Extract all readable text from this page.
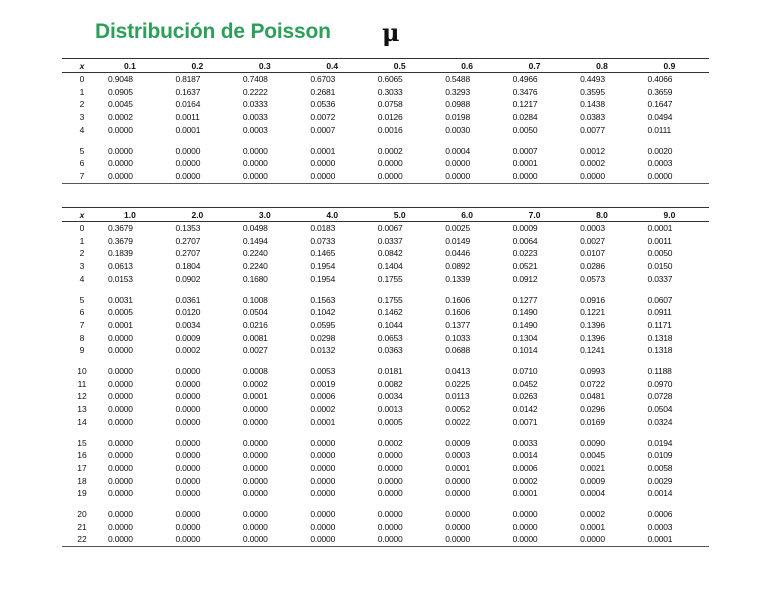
Distribución de Poisson μ
x	0.1	0.2	0.3	0.4	0.5	0.6	0.7	0.8	0.9
0	0.9048	0.8187	0.7408	0.6703	0.6065	0.5488	0.4966	0.4493	0.4066
1	0.0905	0.1637	0.2222	0.2681	0.3033	0.3293	0.3476	0.3595	0.3659
2	0.0045	0.0164	0.0333	0.0536	0.0758	0.0988	0.1217	0.1438	0.1647
3	0.0002	0.0011	0.0033	0.0072	0.0126	0.0198	0.0284	0.0383	0.0494
4	0.0000	0.0001	0.0003	0.0007	0.0016	0.0030	0.0050	0.0077	0.0111

5	0.0000	0.0000	0.0000	0.0001	0.0002	0.0004	0.0007	0.0012	0.0020
6	0.0000	0.0000	0.0000	0.0000	0.0000	0.0000	0.0001	0.0002	0.0003
7	0.0000	0.0000	0.0000	0.0000	0.0000	0.0000	0.0000	0.0000	0.0000
x	1.0	2.0	3.0	4.0	5.0	6.0	7.0	8.0	9.0
0	0.3679	0.1353	0.0498	0.0183	0.0067	0.0025	0.0009	0.0003	0.0001
1	0.3679	0.2707	0.1494	0.0733	0.0337	0.0149	0.0064	0.0027	0.0011
2	0.1839	0.2707	0.2240	0.1465	0.0842	0.0446	0.0223	0.0107	0.0050
3	0.0613	0.1804	0.2240	0.1954	0.1404	0.0892	0.0521	0.0286	0.0150
4	0.0153	0.0902	0.1680	0.1954	0.1755	0.1339	0.0912	0.0573	0.0337

5	0.0031	0.0361	0.1008	0.1563	0.1755	0.1606	0.1277	0.0916	0.0607
6	0.0005	0.0120	0.0504	0.1042	0.1462	0.1606	0.1490	0.1221	0.0911
7	0.0001	0.0034	0.0216	0.0595	0.1044	0.1377	0.1490	0.1396	0.1171
8	0.0000	0.0009	0.0081	0.0298	0.0653	0.1033	0.1304	0.1396	0.1318
9	0.0000	0.0002	0.0027	0.0132	0.0363	0.0688	0.1014	0.1241	0.1318

10	0.0000	0.0000	0.0008	0.0053	0.0181	0.0413	0.0710	0.0993	0.1188
11	0.0000	0.0000	0.0002	0.0019	0.0082	0.0225	0.0452	0.0722	0.0970
12	0.0000	0.0000	0.0001	0.0006	0.0034	0.0113	0.0263	0.0481	0.0728
13	0.0000	0.0000	0.0000	0.0002	0.0013	0.0052	0.0142	0.0296	0.0504
14	0.0000	0.0000	0.0000	0.0001	0.0005	0.0022	0.0071	0.0169	0.0324

15	0.0000	0.0000	0.0000	0.0000	0.0002	0.0009	0.0033	0.0090	0.0194
16	0.0000	0.0000	0.0000	0.0000	0.0000	0.0003	0.0014	0.0045	0.0109
17	0.0000	0.0000	0.0000	0.0000	0.0000	0.0001	0.0006	0.0021	0.0058
18	0.0000	0.0000	0.0000	0.0000	0.0000	0.0000	0.0002	0.0009	0.0029
19	0.0000	0.0000	0.0000	0.0000	0.0000	0.0000	0.0001	0.0004	0.0014

20	0.0000	0.0000	0.0000	0.0000	0.0000	0.0000	0.0000	0.0002	0.0006
21	0.0000	0.0000	0.0000	0.0000	0.0000	0.0000	0.0000	0.0001	0.0003
22	0.0000	0.0000	0.0000	0.0000	0.0000	0.0000	0.0000	0.0000	0.0001
